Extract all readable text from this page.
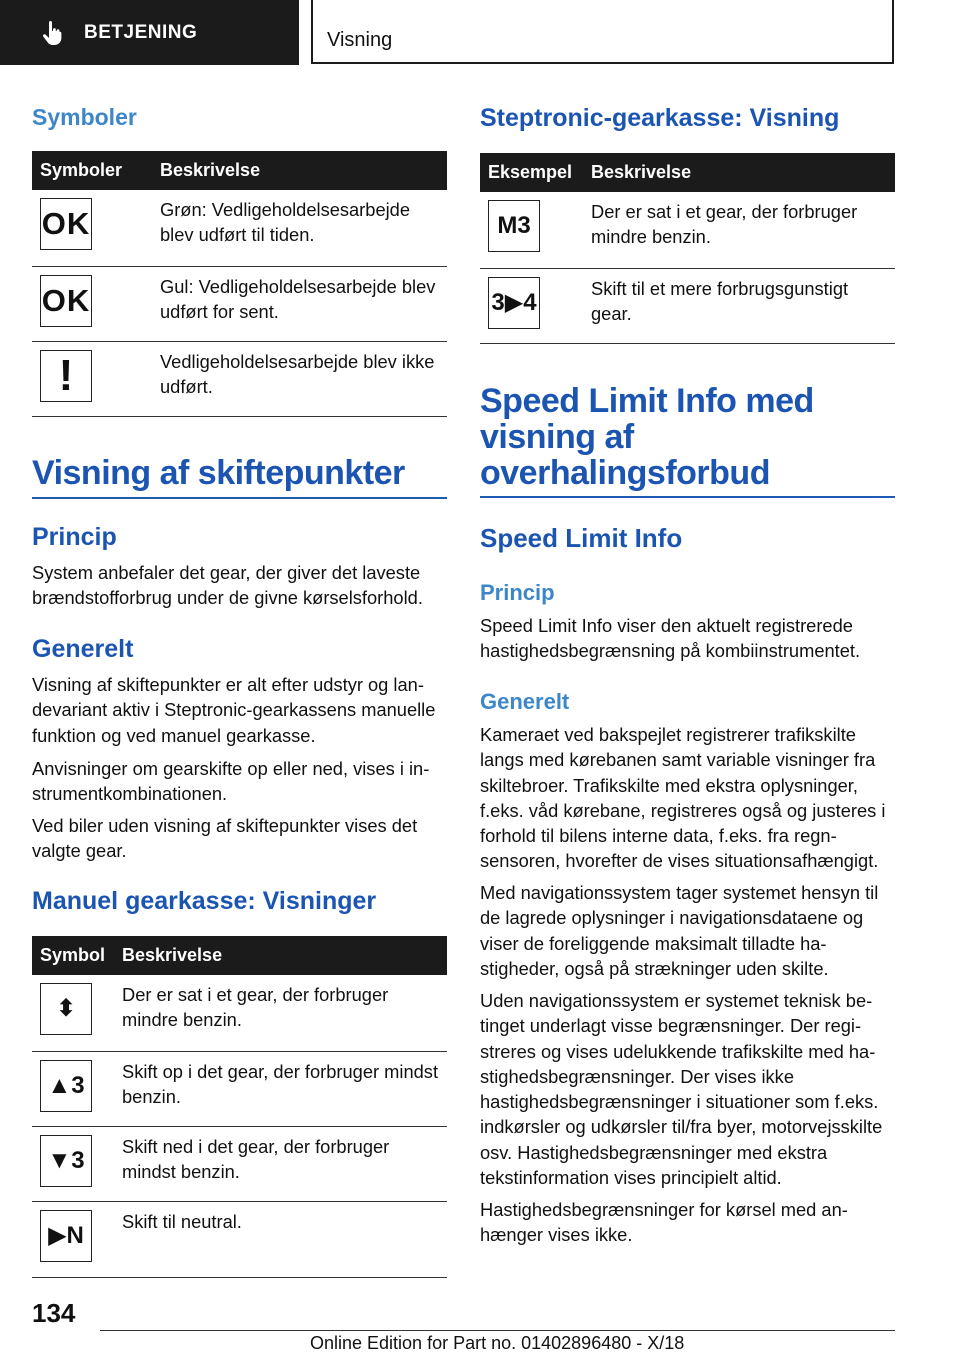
BETJENING	Visning
Symboler
Symboler	Beskrivelse

OK	Grøn: Vedligeholdelsesarbejde blev udført til tiden.

OK	Gul: Vedligeholdelsesarbejde blev udført for sent.

!	Vedligeholdelsesarbejde blev ikke udført.
Visning af skiftepunkter
Princip

System anbefaler det gear, der giver det laveste brændstofforbrug under de givne kørselsforhold.

Generelt

Visning af skiftepunkter er alt efter udstyr og landevariant aktiv i Steptronic-gearkassens manuelle funktion og ved manuel gearkasse.

Anvisninger om gearskifte op eller ned, vises i instrumentkombinationen.

Ved biler uden visning af skiftepunkter vises det valgte gear.

Manuel gearkasse: Visninger
Symbol	Beskrivelse

⬍	Der er sat i et gear, der forbruger mindre benzin.

▲3	Skift op i det gear, der forbruger mindst benzin.

▼3	Skift ned i det gear, der forbruger mindst benzin.

▶N	Skift til neutral.
Steptronic-gearkasse: Visning
Eksempel	Beskrivelse

M3	Der er sat i et gear, der forbruger mindre benzin.

3▶4	Skift til et mere forbrugsgunstigt gear.
Speed Limit Info med visning af overhalingsforbud
Speed Limit Info
Princip

Speed Limit Info viser den aktuelt registrerede hastighedsbegrænsning på kombiinstrumentet.

Generelt

Kameraet ved bakspejlet registrerer trafikskilte langs med kørebanen samt variable visninger fra skiltebroer. Trafikskilte med ekstra oplysninger, f.eks. våd kørebane, registreres også og justeres i forhold til bilens interne data, f.eks. fra regnsensoren, hvorefter de vises situationsafhængigt.

Med navigationssystem tager systemet hensyn til de lagrede oplysninger i navigationsdataene og viser de foreliggende maksimalt tilladte hastigheder, også på strækninger uden skilte.

Uden navigationssystem er systemet teknisk betinget underlagt visse begrænsninger. Der registreres og vises udelukkende trafikskilte med hastighedsbegrænsninger. Der vises ikke hastighedsbegrænsninger i situationer som f.eks. indkørsler og udkørsler til/fra byer, motorvejsskilte osv. Hastighedsbegrænsninger med ekstra tekstinformation vises principielt altid.

Hastighedsbegrænsninger for kørsel med anhænger vises ikke.

134
Online Edition for Part no. 01402896480 - X/18
